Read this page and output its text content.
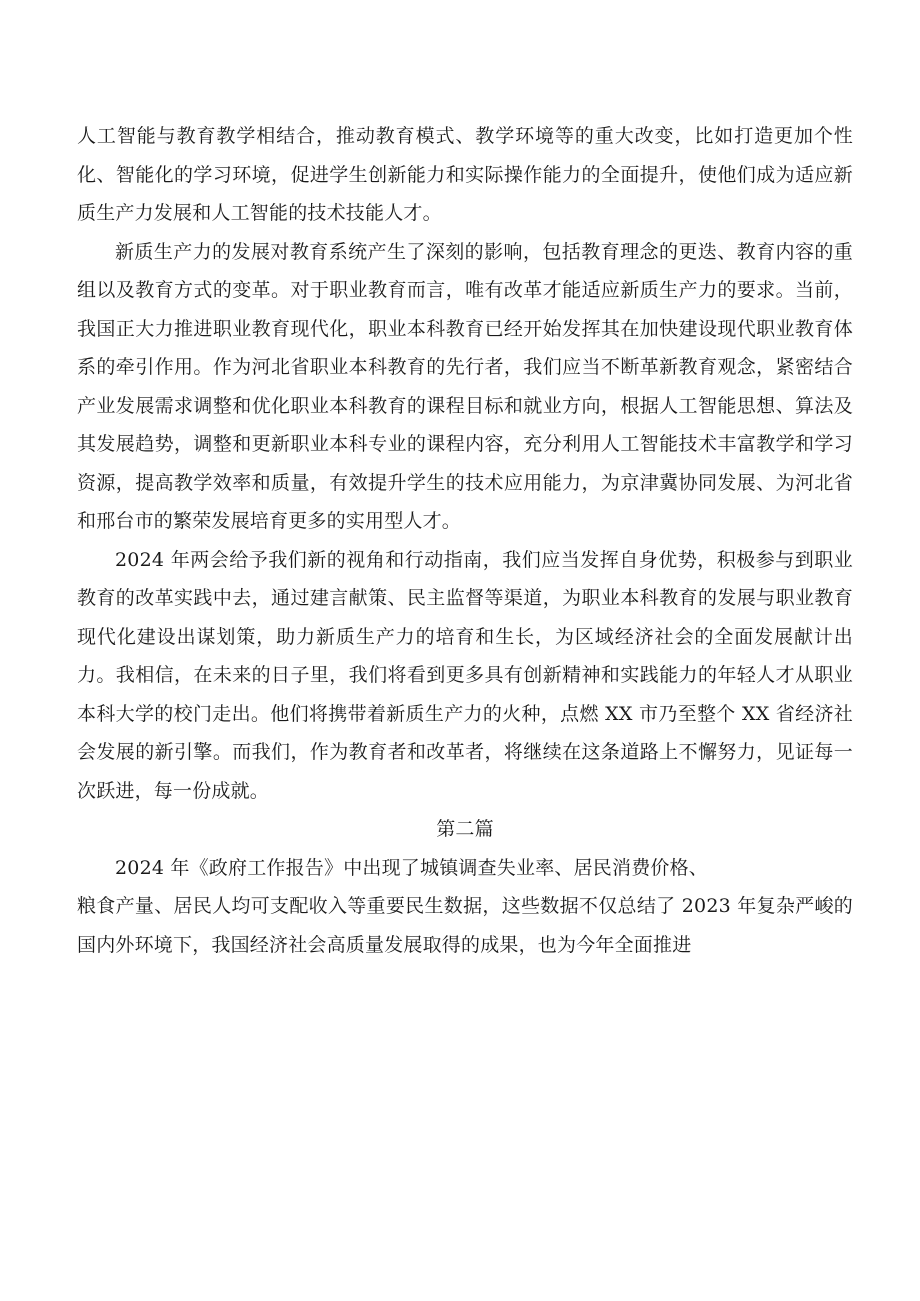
人工智能与教育教学相结合，推动教育模式、教学环境等的重大改变，比如打造更加个性化、智能化的学习环境，促进学生创新能力和实际操作能力的全面提升，使他们成为适应新质生产力发展和人工智能的技术技能人才。

新质生产力的发展对教育系统产生了深刻的影响，包括教育理念的更迭、教育内容的重组以及教育方式的变革。对于职业教育而言，唯有改革才能适应新质生产力的要求。当前，我国正大力推进职业教育现代化，职业本科教育已经开始发挥其在加快建设现代职业教育体系的牵引作用。作为河北省职业本科教育的先行者，我们应当不断革新教育观念，紧密结合产业发展需求调整和优化职业本科教育的课程目标和就业方向，根据人工智能思想、算法及其发展趋势，调整和更新职业本科专业的课程内容，充分利用人工智能技术丰富教学和学习资源，提高教学效率和质量，有效提升学生的技术应用能力，为京津冀协同发展、为河北省和邢台市的繁荣发展培育更多的实用型人才。

2024 年两会给予我们新的视角和行动指南，我们应当发挥自身优势，积极参与到职业教育的改革实践中去，通过建言献策、民主监督等渠道，为职业本科教育的发展与职业教育现代化建设出谋划策，助力新质生产力的培育和生长，为区域经济社会的全面发展献计出力。我相信，在未来的日子里，我们将看到更多具有创新精神和实践能力的年轻人才从职业本科大学的校门走出。他们将携带着新质生产力的火种，点燃 XX 市乃至整个 XX 省经济社会发展的新引擎。而我们，作为教育者和改革者，将继续在这条道路上不懈努力，见证每一次跃进，每一份成就。

第二篇

2024 年《政府工作报告》中出现了城镇调查失业率、居民消费价格、

粮食产量、居民人均可支配收入等重要民生数据，这些数据不仅总结了 2023 年复杂严峻的国内外环境下，我国经济社会高质量发展取得的成果，也为今年全面推进
